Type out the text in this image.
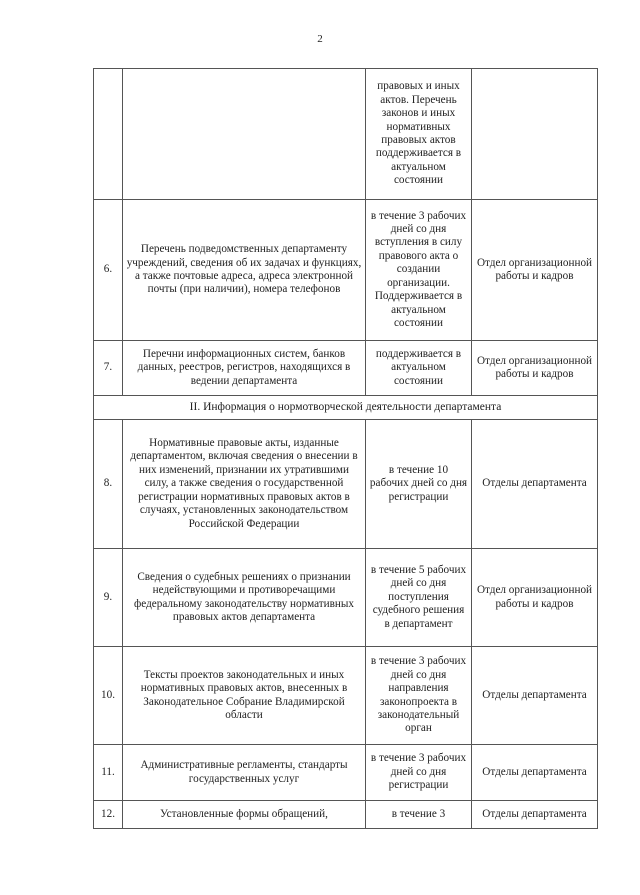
2
		правовых и иных актов. Перечень законов и иных нормативных правовых актов поддерживается в актуальном состоянии	
6.	Перечень подведомственных департаменту учреждений, сведения об их задачах и функциях, а также почтовые адреса, адреса электронной почты (при наличии), номера телефонов	в течение 3 рабочих дней со дня вступления в силу правового акта о создании организации. Поддерживается в актуальном состоянии	Отдел организационной работы и кадров
7.	Перечни информационных систем, банков данных, реестров, регистров, находящихся в ведении департамента	поддерживается в актуальном состоянии	Отдел организационной работы и кадров
II. Информация о нормотворческой деятельности департамента			
8.	Нормативные правовые акты, изданные департаментом, включая сведения о внесении в них изменений, признании их утратившими силу, а также сведения о государственной регистрации нормативных правовых актов в случаях, установленных законодательством Российской Федерации	в течение 10 рабочих дней со дня регистрации	Отделы департамента
9.	Сведения о судебных решениях о признании недействующими и противоречащими федеральному законодательству нормативных правовых актов департамента	в течение 5 рабочих дней со дня поступления судебного решения в департамент	Отдел организационной работы и кадров
10.	Тексты проектов законодательных и иных нормативных правовых актов, внесенных в Законодательное Собрание Владимирской области	в течение 3 рабочих дней со дня направления законопроекта в законодательный орган	Отделы департамента
11.	Административные регламенты, стандарты государственных услуг	в течение 3 рабочих дней со дня регистрации	Отделы департамента
12.	Установленные формы обращений,	в течение 3	Отделы департамента
